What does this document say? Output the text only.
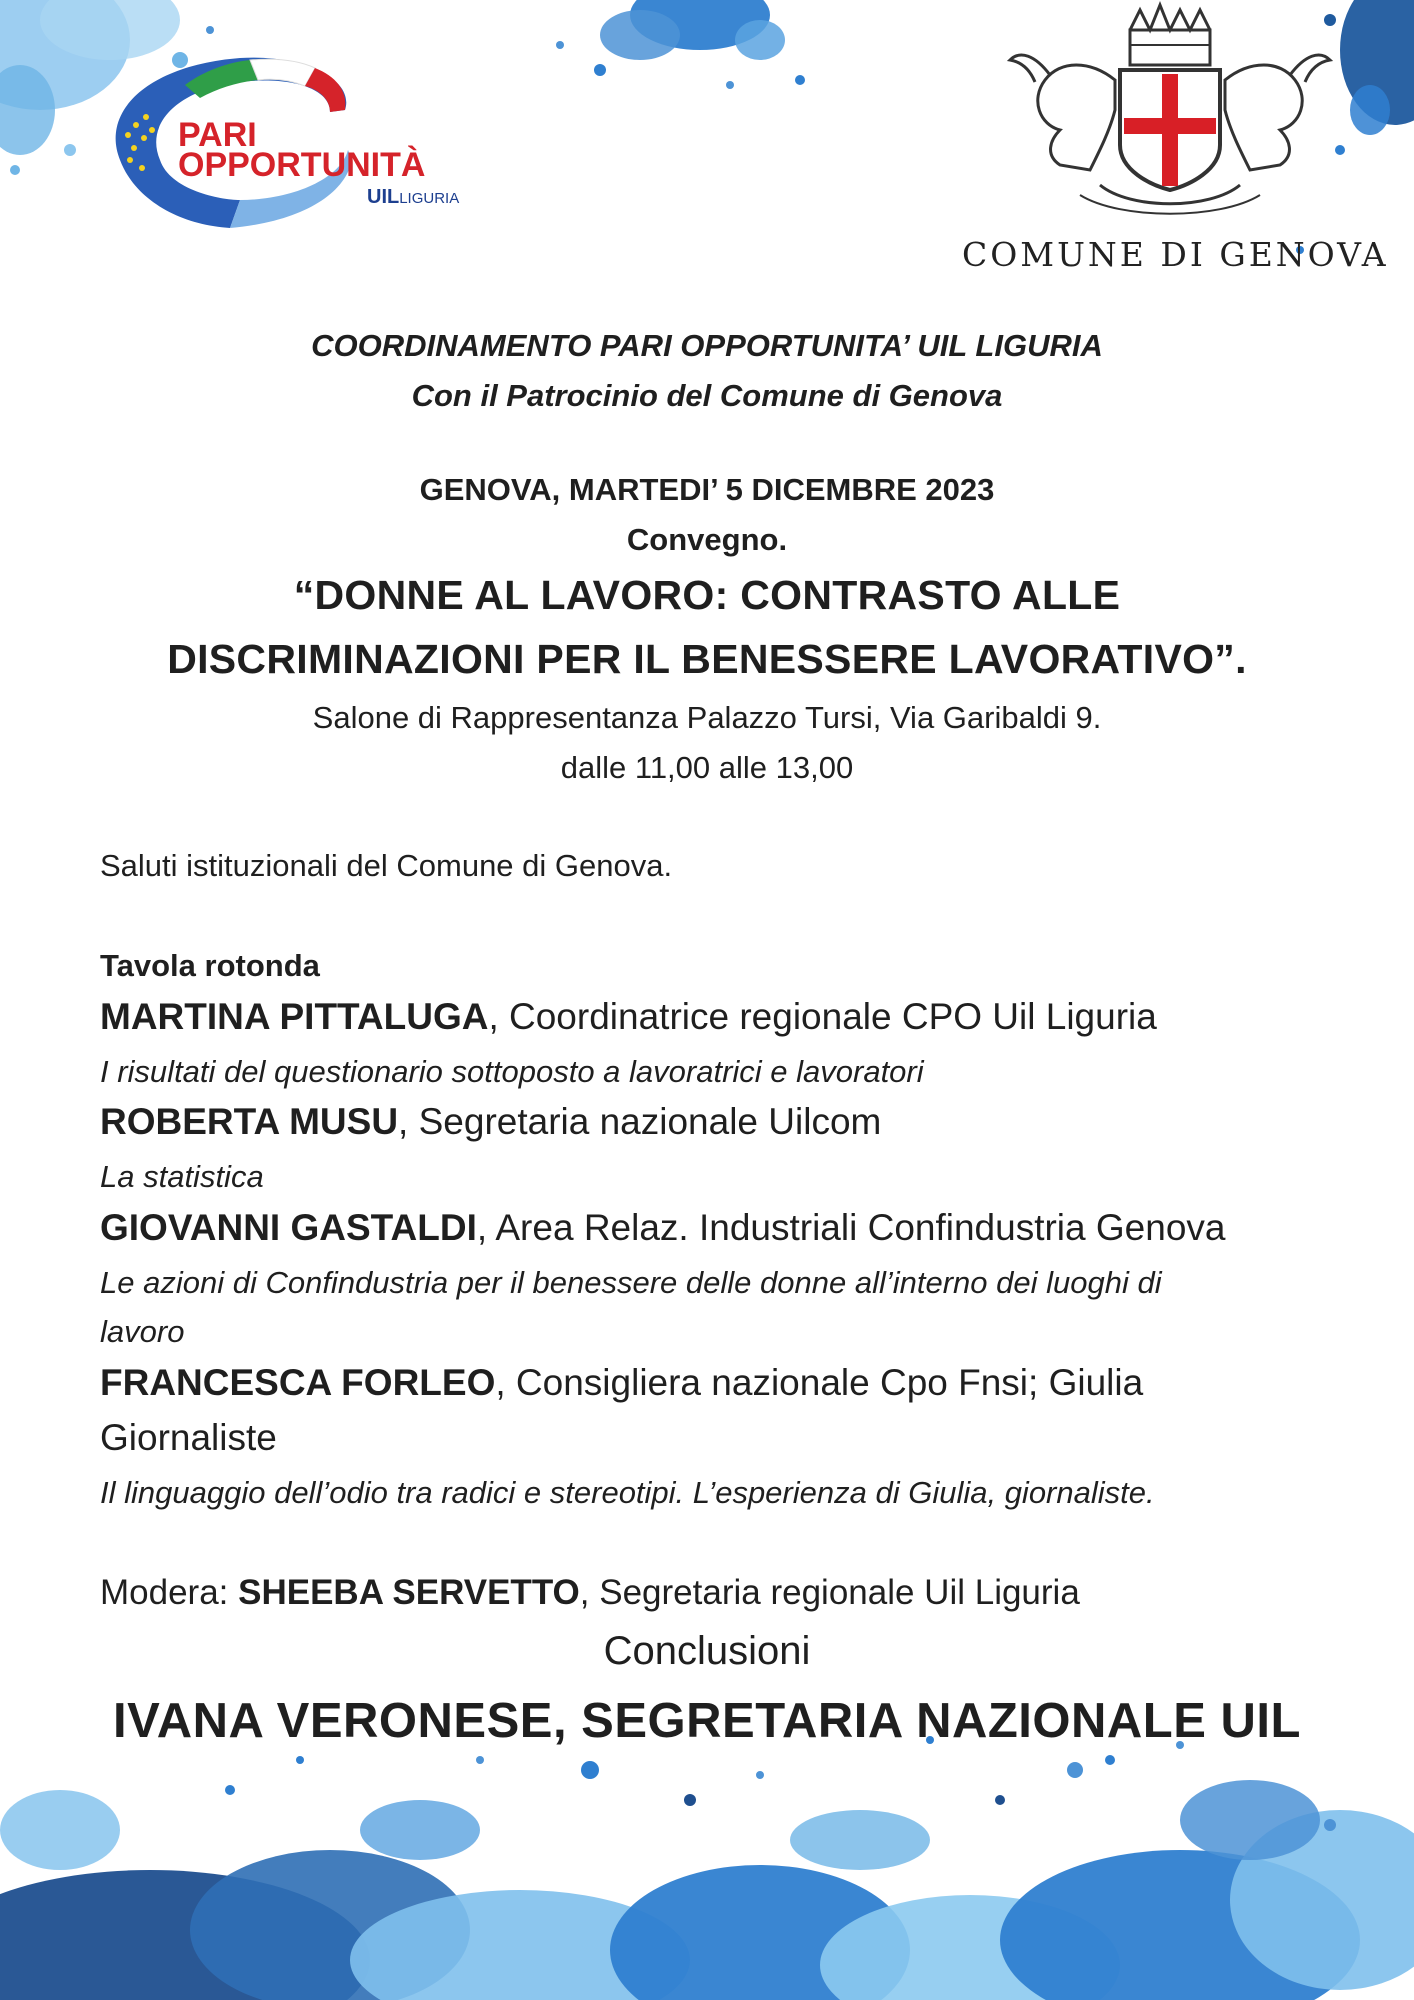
PARI
OPPORTUNITÀ
UILLIGURIA
COMUNE DI GENOVA
COORDINAMENTO PARI OPPORTUNITA’ UIL LIGURIA
Con il Patrocinio del Comune di Genova
GENOVA, MARTEDI’ 5 DICEMBRE 2023
Convegno.
“DONNE AL LAVORO: CONTRASTO ALLE
DISCRIMINAZIONI PER IL BENESSERE LAVORATIVO”.
Salone di Rappresentanza Palazzo Tursi, Via Garibaldi 9.
dalle 11,00 alle 13,00
Saluti istituzionali del Comune di Genova.
Tavola rotonda
MARTINA PITTALUGA, Coordinatrice regionale CPO Uil Liguria
I risultati del questionario sottoposto a lavoratrici e lavoratori
ROBERTA MUSU, Segretaria nazionale Uilcom
La statistica
GIOVANNI GASTALDI, Area Relaz. Industriali Confindustria Genova
Le azioni di Confindustria per il benessere delle donne all’interno dei luoghi di
lavoro
FRANCESCA FORLEO, Consigliera nazionale Cpo Fnsi; Giulia
Giornaliste
Il linguaggio dell’odio tra radici e stereotipi. L’esperienza di Giulia, giornaliste.
Modera: SHEEBA SERVETTO, Segretaria regionale Uil Liguria
Conclusioni
IVANA VERONESE, SEGRETARIA NAZIONALE UIL
